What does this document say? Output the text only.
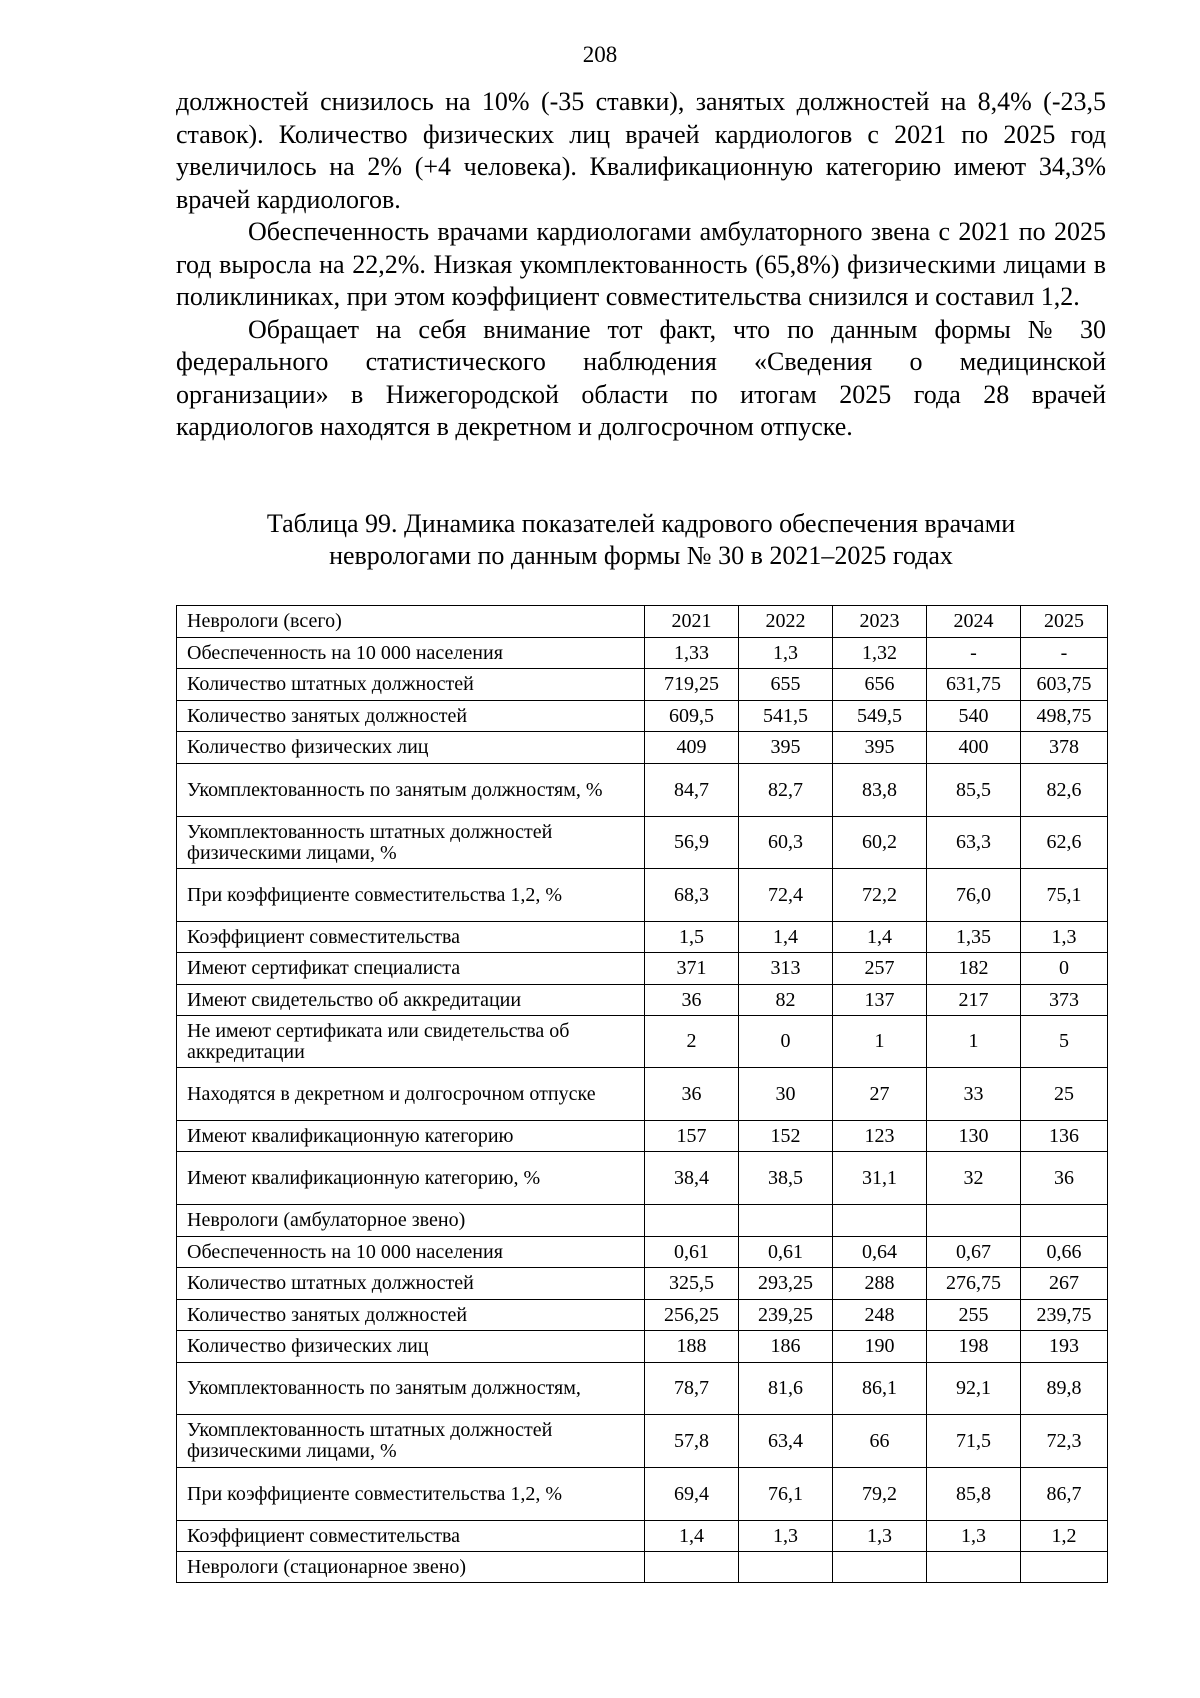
208

должностей снизилось на 10% (-35 ставки), занятых должностей на 8,4% (-23,5 ставок). Количество физических лиц врачей кардиологов с 2021 по 2025 год увеличилось на 2% (+4 человека). Квалификационную категорию имеют 34,3% врачей кардиологов.

Обеспеченность врачами кардиологами амбулаторного звена с 2021 по 2025 год выросла на 22,2%. Низкая укомплектованность (65,8%) физическими лицами в поликлиниках, при этом коэффициент совместительства снизился и составил 1,2.

Обращает на себя внимание тот факт, что по данным формы № 30 федерального статистического наблюдения «Сведения о медицинской организации» в Нижегородской области по итогам 2025 года 28 врачей кардиологов находятся в декретном и долгосрочном отпуске.

Таблица 99. Динамика показателей кадрового обеспечения врачами
неврологами по данным формы № 30 в 2021–2025 годах
Неврологи (всего)	2021	2022	2023	2024	2025
Обеспеченность на 10 000 населения	1,33	1,3	1,32	-	-
Количество штатных должностей	719,25	655	656	631,75	603,75
Количество занятых должностей	609,5	541,5	549,5	540	498,75
Количество физических лиц	409	395	395	400	378
Укомплектованность по занятым должностям, %	84,7	82,7	83,8	85,5	82,6
Укомплектованность штатных должностей физическими лицами, %	56,9	60,3	60,2	63,3	62,6
При коэффициенте совместительства 1,2, %	68,3	72,4	72,2	76,0	75,1
Коэффициент совместительства	1,5	1,4	1,4	1,35	1,3
Имеют сертификат специалиста	371	313	257	182	0
Имеют свидетельство об аккредитации	36	82	137	217	373
Не имеют сертификата или свидетельства об аккредитации	2	0	1	1	5
Находятся в декретном и долгосрочном отпуске	36	30	27	33	25
Имеют квалификационную категорию	157	152	123	130	136
Имеют квалификационную категорию, %	38,4	38,5	31,1	32	36
Неврологи (амбулаторное звено)					
Обеспеченность на 10 000 населения	0,61	0,61	0,64	0,67	0,66
Количество штатных должностей	325,5	293,25	288	276,75	267
Количество занятых должностей	256,25	239,25	248	255	239,75
Количество физических лиц	188	186	190	198	193
Укомплектованность по занятым должностям,	78,7	81,6	86,1	92,1	89,8
Укомплектованность штатных должностей физическими лицами, %	57,8	63,4	66	71,5	72,3
При коэффициенте совместительства 1,2, %	69,4	76,1	79,2	85,8	86,7
Коэффициент совместительства	1,4	1,3	1,3	1,3	1,2
Неврологи (стационарное звено)					
